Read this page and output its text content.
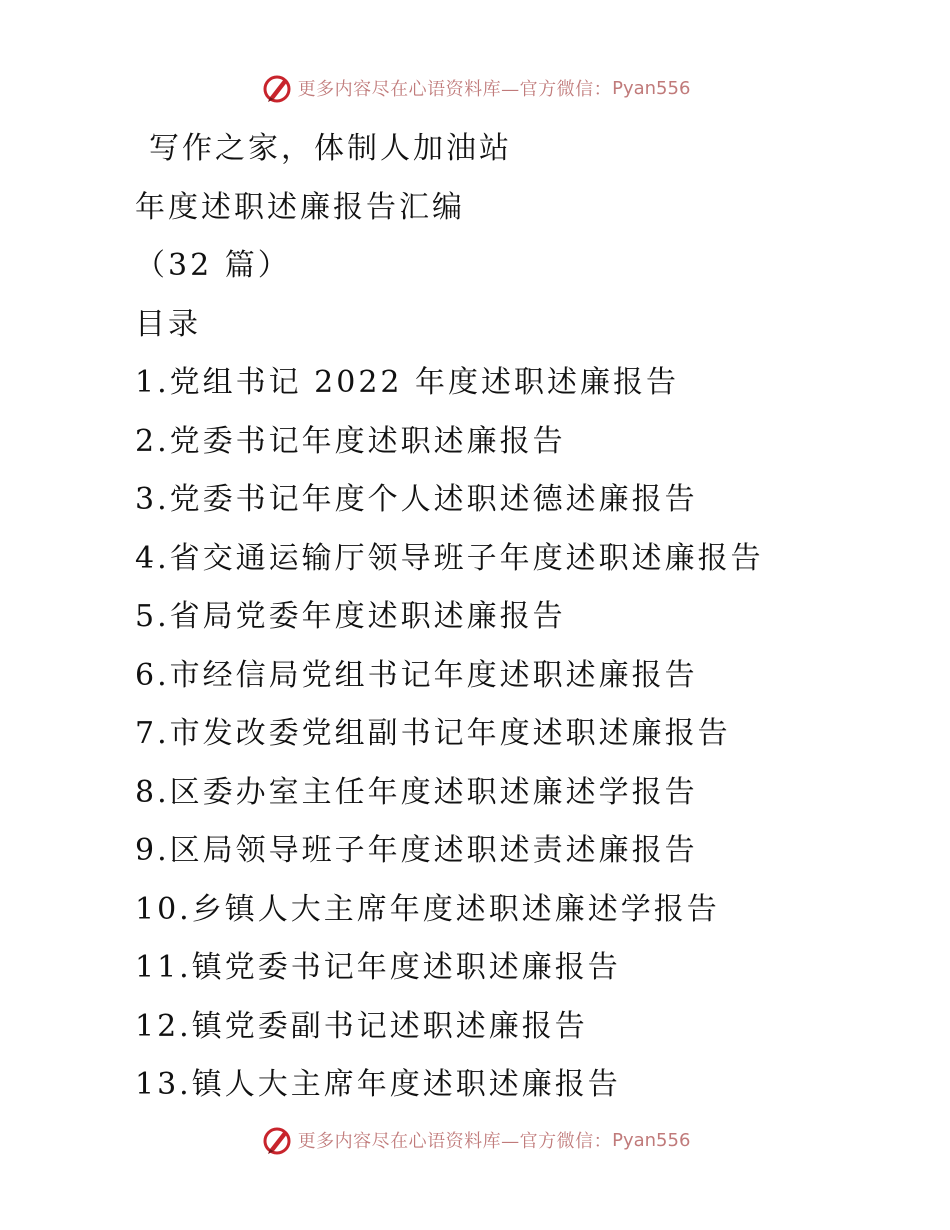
更多内容尽在心语资料库—官方微信： Pyan556
写作之家，体制人加油站
年度述职述廉报告汇编
（32 篇）
目录
1.党组书记 2022 年度述职述廉报告
2.党委书记年度述职述廉报告
3.党委书记年度个人述职述德述廉报告
4.省交通运输厅领导班子年度述职述廉报告
5.省局党委年度述职述廉报告
6.市经信局党组书记年度述职述廉报告
7.市发改委党组副书记年度述职述廉报告
8.区委办室主任年度述职述廉述学报告
9.区局领导班子年度述职述责述廉报告
10.乡镇人大主席年度述职述廉述学报告
11.镇党委书记年度述职述廉报告
12.镇党委副书记述职述廉报告
13.镇人大主席年度述职述廉报告
更多内容尽在心语资料库—官方微信： Pyan556
